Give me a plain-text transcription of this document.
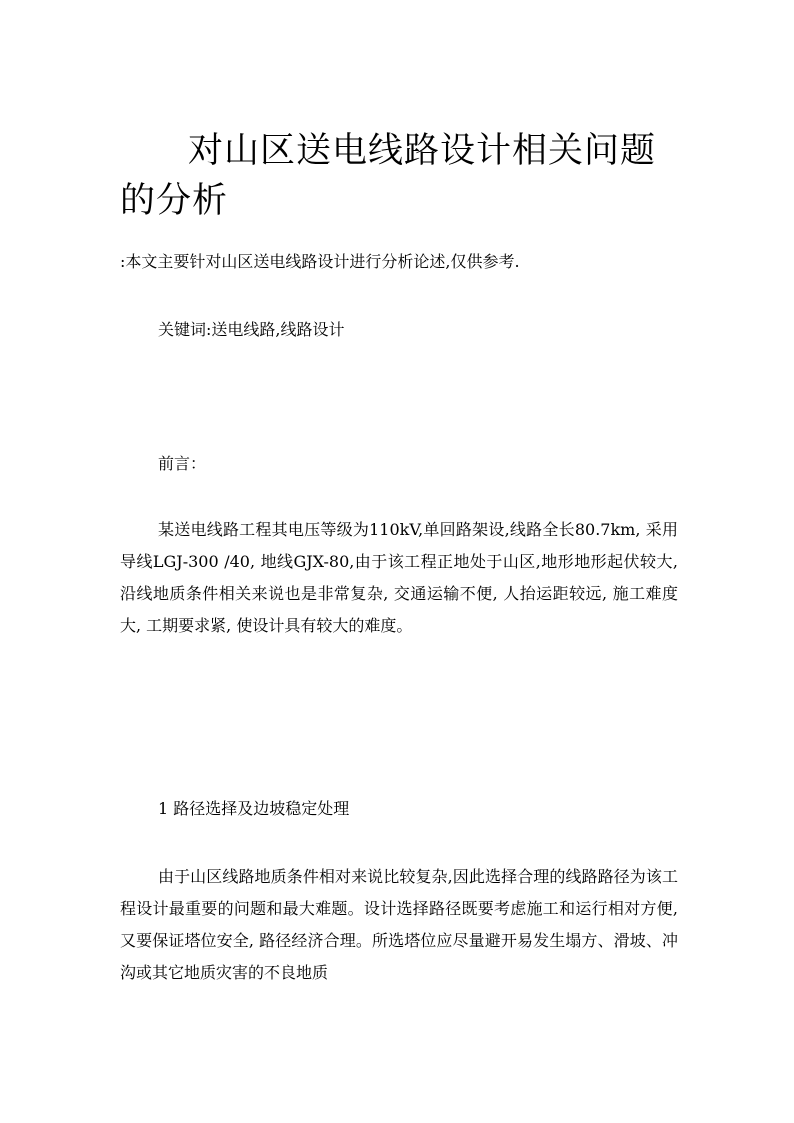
对山区送电线路设计相关问题的分析

:本文主要针对山区送电线路设计进行分析论述,仅供参考.

关键词:送电线路,线路设计

前言：

某送电线路工程其电压等级为110kV,单回路架设,线路全长80.7km, 采用导线LGJ-300 /40, 地线GJX-80,由于该工程正地处于山区,地形地形起伏较大, 沿线地质条件相关来说也是非常复杂, 交通运输不便, 人抬运距较远, 施工难度大, 工期要求紧, 使设计具有较大的难度。

1 路径选择及边坡稳定处理

由于山区线路地质条件相对来说比较复杂,因此选择合理的线路路径为该工程设计最重要的问题和最大难题。设计选择路径既要考虑施工和运行相对方便, 又要保证塔位安全, 路径经济合理。所选塔位应尽量避开易发生塌方、滑坡、冲沟或其它地质灾害的不良地质
